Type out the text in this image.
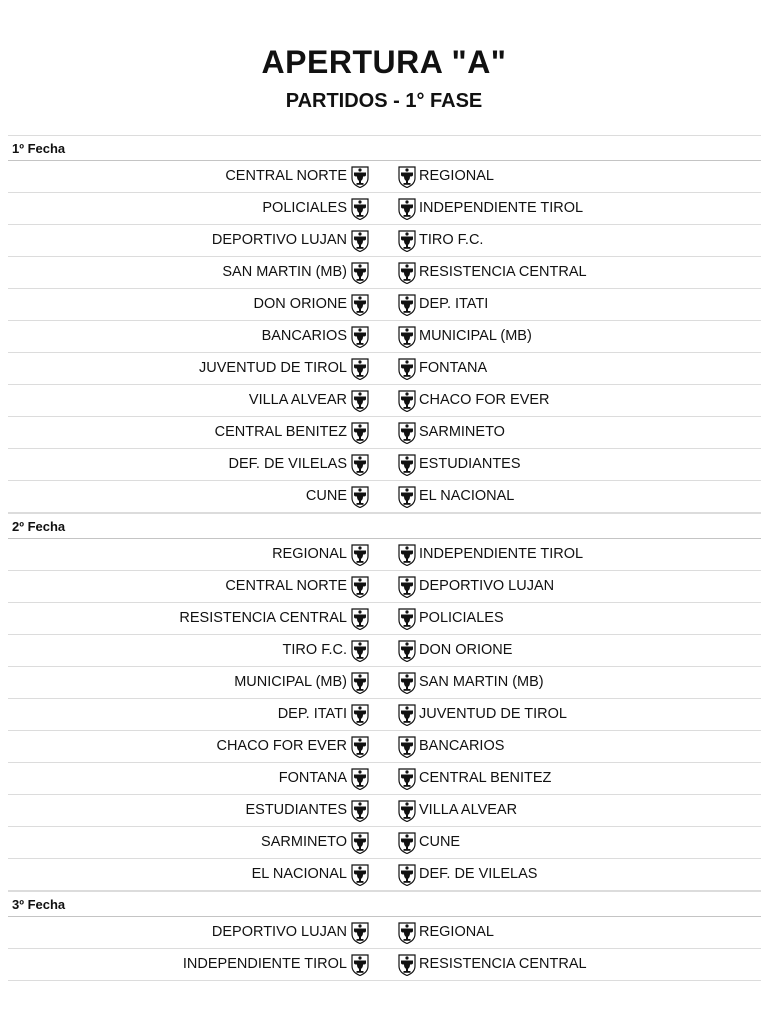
APERTURA "A"
PARTIDOS - 1° FASE
1º Fecha
CENTRAL NORTE	REGIONAL
POLICIALES	INDEPENDIENTE TIROL
DEPORTIVO LUJAN	TIRO F.C.
SAN MARTIN (MB)	RESISTENCIA CENTRAL
DON ORIONE	DEP. ITATI
BANCARIOS	MUNICIPAL (MB)
JUVENTUD DE TIROL	FONTANA
VILLA ALVEAR	CHACO FOR EVER
CENTRAL BENITEZ	SARMINETO
DEF. DE VILELAS	ESTUDIANTES
CUNE	EL NACIONAL
2º Fecha
REGIONAL	INDEPENDIENTE TIROL
CENTRAL NORTE	DEPORTIVO LUJAN
RESISTENCIA CENTRAL	POLICIALES
TIRO F.C.	DON ORIONE
MUNICIPAL (MB)	SAN MARTIN (MB)
DEP. ITATI	JUVENTUD DE TIROL
CHACO FOR EVER	BANCARIOS
FONTANA	CENTRAL BENITEZ
ESTUDIANTES	VILLA ALVEAR
SARMINETO	CUNE
EL NACIONAL	DEF. DE VILELAS
3º Fecha
DEPORTIVO LUJAN	REGIONAL
INDEPENDIENTE TIROL	RESISTENCIA CENTRAL
